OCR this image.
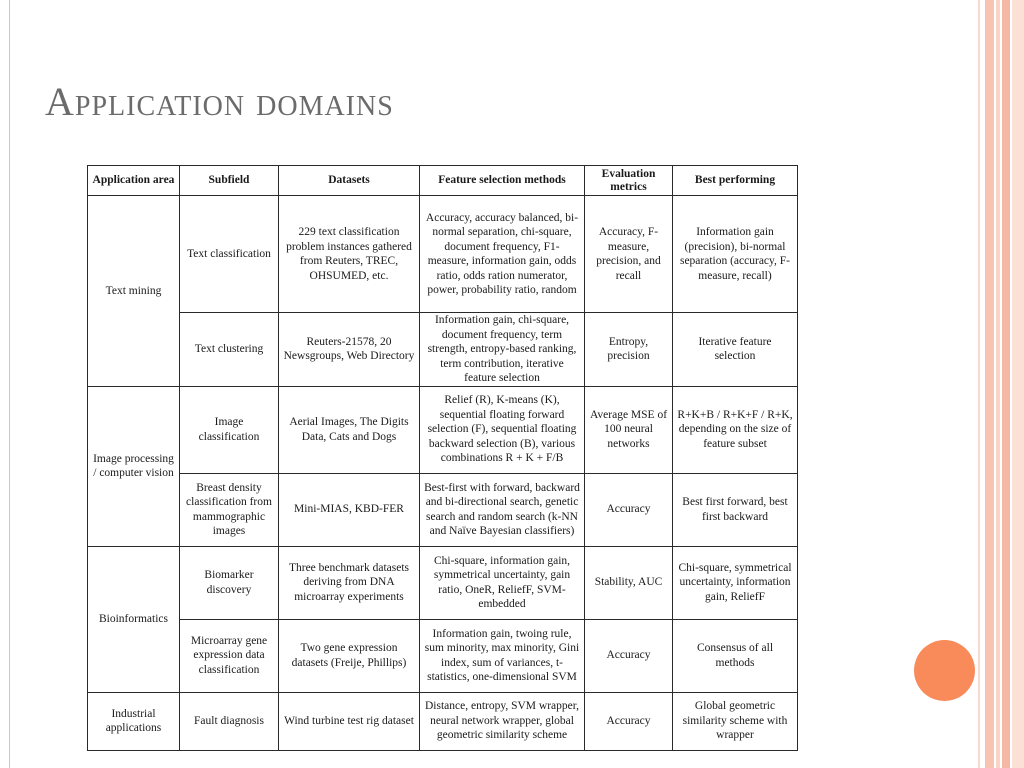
Application domains
Application area	Subfield	Datasets	Feature selection methods	Evaluation metrics	Best performing
Text mining	Text classification	229 text classification problem instances gathered from Reuters, TREC, OHSUMED, etc.	Accuracy, accuracy balanced, bi-normal separation, chi-square, document frequency, F1-measure, information gain, odds ratio, odds ration numerator, power, probability ratio, random	Accuracy, F-measure, precision, and recall	Information gain (precision), bi-normal separation (accuracy, F-measure, recall)
	Text clustering	Reuters-21578, 20 Newsgroups, Web Directory	Information gain, chi-square, document frequency, term strength, entropy-based ranking, term contribution, iterative feature selection	Entropy, precision	Iterative feature selection
Image processing / computer vision	Image classification	Aerial Images, The Digits Data, Cats and Dogs	Relief (R), K-means (K), sequential floating forward selection (F), sequential floating backward selection (B), various combinations R + K + F/B	Average MSE of 100 neural networks	R+K+B / R+K+F / R+K, depending on the size of feature subset
	Breast density classification from mammographic images	Mini-MIAS, KBD-FER	Best-first with forward, backward and bi-directional search, genetic search and random search (k-NN and Naïve Bayesian classifiers)	Accuracy	Best first forward, best first backward
Bioinformatics	Biomarker discovery	Three benchmark datasets deriving from DNA microarray experiments	Chi-square, information gain, symmetrical uncertainty, gain ratio, OneR, ReliefF, SVM-embedded	Stability, AUC	Chi-square, symmetrical uncertainty, information gain, ReliefF
	Microarray gene expression data classification	Two gene expression datasets (Freije, Phillips)	Information gain, twoing rule, sum minority, max minority, Gini index, sum of variances, t-statistics, one-dimensional SVM	Accuracy	Consensus of all methods
Industrial applications	Fault diagnosis	Wind turbine test rig dataset	Distance, entropy, SVM wrapper, neural network wrapper, global geometric similarity scheme	Accuracy	Global geometric similarity scheme with wrapper
